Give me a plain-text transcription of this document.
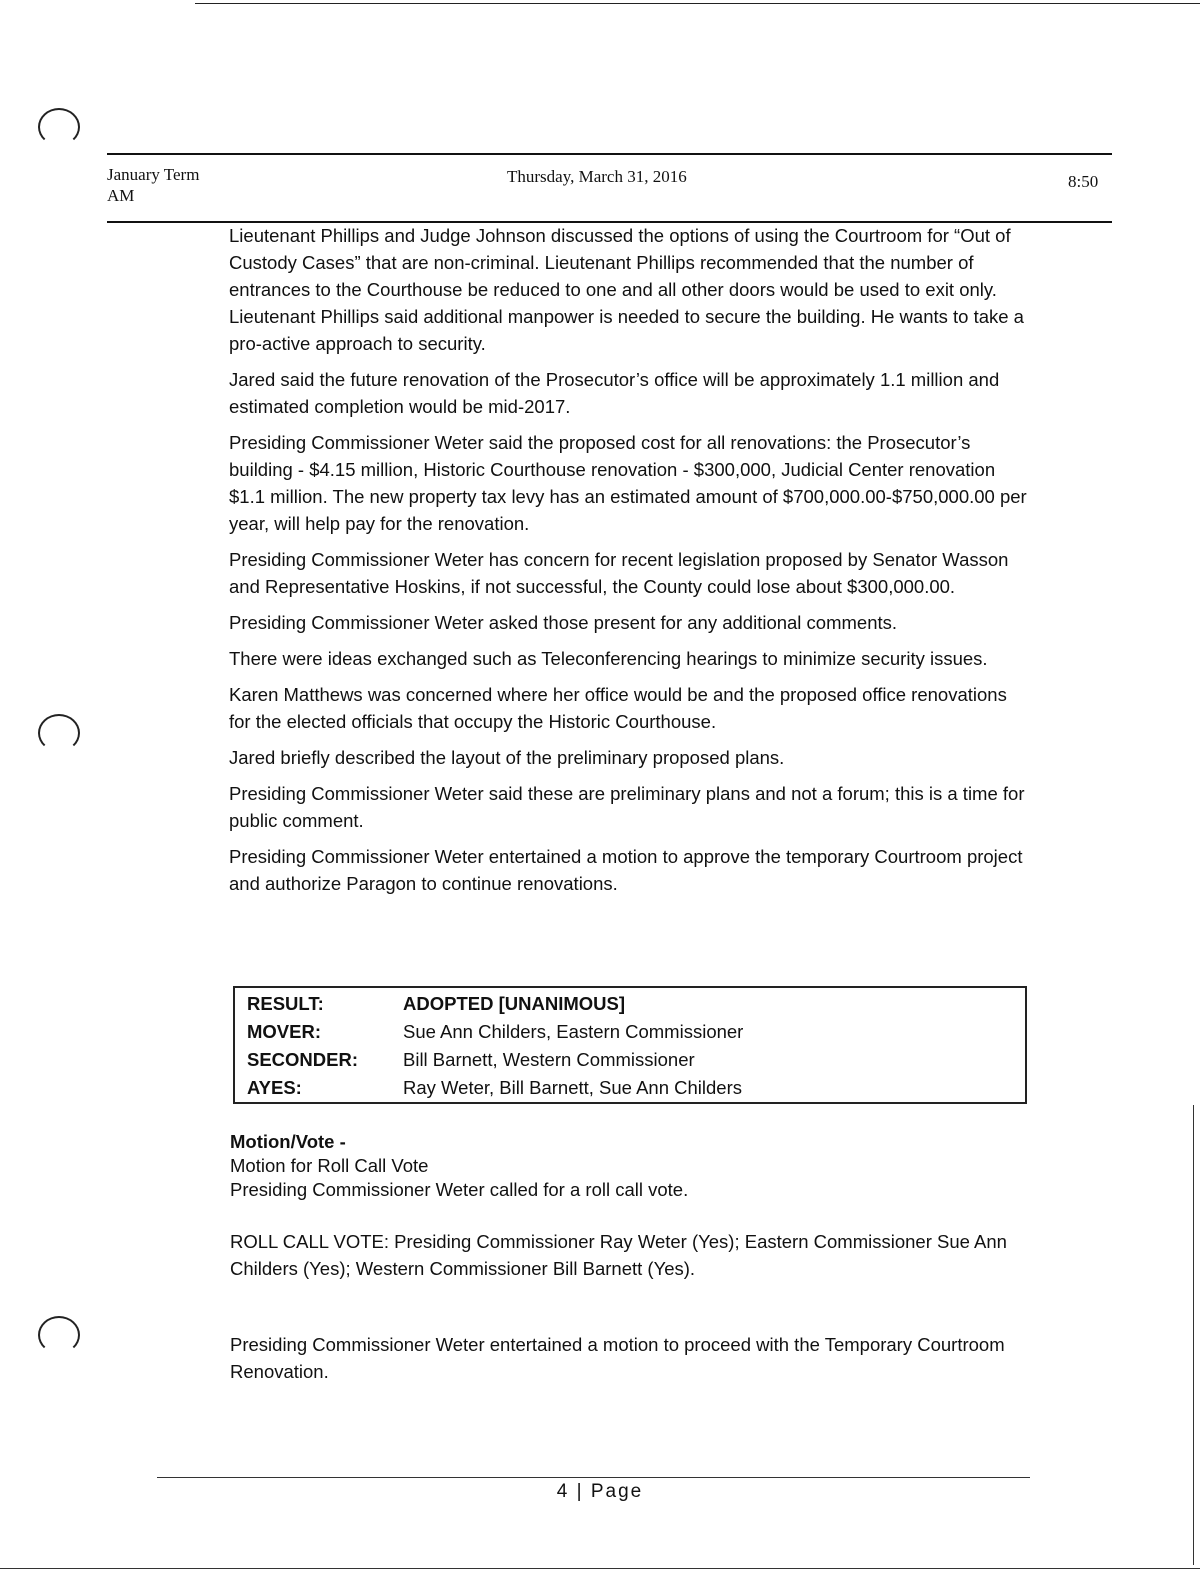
January Term
AM
Thursday, March 31, 2016	8:50

Lieutenant Phillips and Judge Johnson discussed the options of using the Courtroom for “Out of Custody Cases” that are non-criminal. Lieutenant Phillips recommended that the number of entrances to the Courthouse be reduced to one and all other doors would be used to exit only. Lieutenant Phillips said additional manpower is needed to secure the building. He wants to take a pro-active approach to security.

Jared said the future renovation of the Prosecutor’s office will be approximately 1.1 million and estimated completion would be mid-2017.

Presiding Commissioner Weter said the proposed cost for all renovations: the Prosecutor’s building - $4.15 million, Historic Courthouse renovation - $300,000, Judicial Center renovation $1.1 million. The new property tax levy has an estimated amount of $700,000.00-$750,000.00 per year, will help pay for the renovation.

Presiding Commissioner Weter has concern for recent legislation proposed by Senator Wasson and Representative Hoskins, if not successful, the County could lose about $300,000.00.

Presiding Commissioner Weter asked those present for any additional comments.

There were ideas exchanged such as Teleconferencing hearings to minimize security issues.

Karen Matthews was concerned where her office would be and the proposed office renovations for the elected officials that occupy the Historic Courthouse.

Jared briefly described the layout of the preliminary proposed plans.

Presiding Commissioner Weter said these are preliminary plans and not a forum; this is a time for public comment.

Presiding Commissioner Weter entertained a motion to approve the temporary Courtroom project and authorize Paragon to continue renovations.

RESULT:	ADOPTED [UNANIMOUS]
MOVER:	Sue Ann Childers, Eastern Commissioner
SECONDER:	Bill Barnett, Western Commissioner
AYES:	Ray Weter, Bill Barnett, Sue Ann Childers
Motion/Vote -
Motion for Roll Call Vote
Presiding Commissioner Weter called for a roll call vote.
ROLL CALL VOTE: Presiding Commissioner Ray Weter (Yes); Eastern Commissioner Sue Ann Childers (Yes); Western Commissioner Bill Barnett (Yes).
Presiding Commissioner Weter entertained a motion to proceed with the Temporary Courtroom Renovation.
4 | Page
